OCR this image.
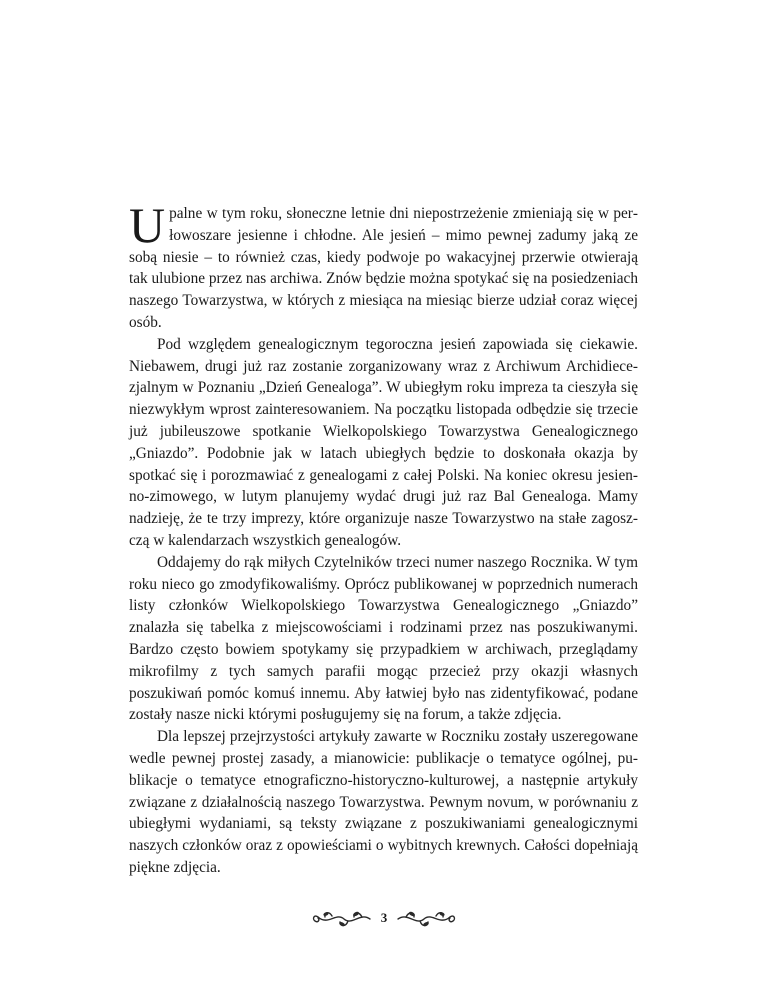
Upalne w tym roku, słoneczne letnie dni niepostrzeżenie zmieniają się w perłowoszare jesienne i chłodne. Ale jesień – mimo pewnej zadumy jaką ze sobą niesie – to również czas, kiedy podwoje po wakacyjnej przerwie otwierają tak ulubione przez nas archiwa. Znów będzie można spotykać się na posiedzeniach naszego Towarzystwa, w których z miesiąca na miesiąc bierze udział coraz więcej osób.

Pod względem genealogicznym tegoroczna jesień zapowiada się ciekawie. Niebawem, drugi już raz zostanie zorganizowany wraz z Archiwum Archidiecezjalnym w Poznaniu „Dzień Genealoga”. W ubiegłym roku impreza ta cieszyła się niezwykłym wprost zainteresowaniem. Na początku listopada odbędzie się trzecie już jubileuszowe spotkanie Wielkopolskiego Towarzystwa Genealogicznego „Gniazdo”. Podobnie jak w latach ubiegłych będzie to doskonała okazja by spotkać się i porozmawiać z genealogami z całej Polski. Na koniec okresu jesienno-zimowego, w lutym planujemy wydać drugi już raz Bal Genealoga. Mamy nadzieję, że te trzy imprezy, które organizuje nasze Towarzystwo na stałe zagoszczą w kalendarzach wszystkich genealogów.

Oddajemy do rąk miłych Czytelników trzeci numer naszego Rocznika. W tym roku nieco go zmodyfikowaliśmy. Oprócz publikowanej w poprzednich numerach listy członków Wielkopolskiego Towarzystwa Genealogicznego „Gniazdo” znalazła się tabelka z miejscowościami i rodzinami przez nas poszukiwanymi. Bardzo często bowiem spotykamy się przypadkiem w archiwach, przeglądamy mikrofilmy z tych samych parafii mogąc przecież przy okazji własnych poszukiwań pomóc komuś innemu. Aby łatwiej było nas zidentyfikować, podane zostały nasze nicki którymi posługujemy się na forum, a także zdjęcia.

Dla lepszej przejrzystości artykuły zawarte w Roczniku zostały uszeregowane wedle pewnej prostej zasady, a mianowicie: publikacje o tematyce ogólnej, publikacje o tematyce etnograficzno-historyczno-kulturowej, a następnie artykuły związane z działalnością naszego Towarzystwa. Pewnym novum, w porównaniu z ubiegłymi wydaniami, są teksty związane z poszukiwaniami genealogicznymi naszych członków oraz z opowieściami o wybitnych krewnych. Całości dopełniają piękne zdjęcia.

3
